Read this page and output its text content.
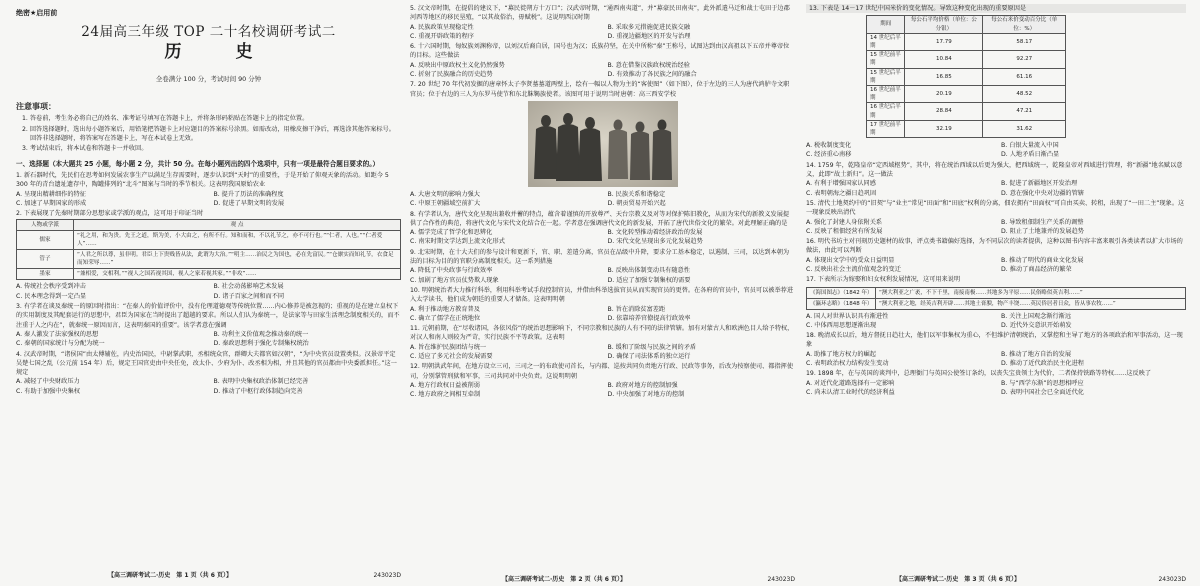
绝密★启用前
24届高三年级 TOP 二十名校调研考试二
历 史
全卷满分 100 分，考试时间 90 分钟
注意事项：

1. 答卷前，考生务必将自己的姓名、准考证号填写在答题卡上，并将条形码粘贴在答题卡上的指定位置。

2. 回答选择题时，选出每小题答案后，用铅笔把答题卡上对应题目的答案标号涂黑。如需改动，用橡皮擦干净后，再选涂其他答案标号。回答非选择题时，将答案写在答题卡上，写在本试卷上无效。

3. 考试结束后，将本试卷和答题卡一并收回。

一、选择题（本大题共 25 小题，每小题 2 分，共计 50 分。在每小题列出的四个选项中，只有一项是最符合题目要求的。）

1. 新石器时代，先民们在思考如何发展农事生产以满足生存需要时，逐步认识到“天时”的重要性，于是开始了仰观天象的活动。如距今 5 300 年的青台遗址遗存中，陶罐排列的“北斗”图案与当时的季节相关。这表明我国原始农业

A. 呈现出精耕细作的特征	B. 提升了历法的准确程度
C. 加速了早期国家的形成	D. 促进了早期文明的发展

2. 下表展现了先秦时期部分思想家或学派的观点，这可用于印证当时

人物或学派	观 点
儒家	“礼之用，和为贵。先王之道，斯为美，小大由之，有所不行。知和而和，不以礼节之，亦不可行也。”“仁者，人也。”“仁者爱人”……
管子	“人君之所以尊，虽非明。君臣上下贵贱皆从法，此谓为大治。”“明主……治民之为国也，必在先富民。”“仓廪实而知礼节，衣食足而知荣辱……”
墨家	“兼相爱，交相利。”“视人之国若视其国，视人之家若视其家。”“非攻”……
A. 传统社会秩序受到冲击	B. 社会动荡影响艺术发展
C. 民本理念得到一定凸显	D. 诸子百家之间和而不同

3. 有学者在谈及秦统一的原因时指出：“在秦人的价值评价中，没有伦理道德观等传统位置……内心修养是被忽视的；重视的是在建立皇权下的实用制度及其配套运行的思想中，君臣为国家在当时提出了超越的要求。所以人们认为秦统一，是法家等与田家生活理念制度相关的，而不注重于人之内在”，就秦统一原因而言，这表明秦国的重要”。该学者意在强调

A. 秦人激发了法家强权的思想	B. 功利主义价值观念推动秦的统一
C. 秦朝的国家统计与分配为统一	D. 秦政思想利于强化专制集权统治

4. 汉武帝时期，“诸侯国”由太傅辅佐，内史治国民，中尉掌武职，丞相统众官，群卿大夫都官如汉朝”，“为中央官员设置类似。汉景帝平定吴楚七国之乱（公元前 154 年）后，规定王国官吏由中央任免，改太仆、少府为仆、改丞相为相，并且其他的官员都由中央委派担任。”这一规定

A. 减轻了中央财政压力	B. 表明中央集权政治体制已经完善
C. 有助于加强中央集权	D. 推动了中枢行政体制趋向完善
【高三调研考试二·历史　第 1 页（共 6 页）】	243023D

5. 汉文帝时期，在提倡的建议下，“募民徙朔方十万口”；汉武帝时期，“通西南夷道”，并“募豪民田南夷”，此外派遣马迁和战士屯田于边郡河西等地区的移民垦殖，“以其故俗治，毋赋税”。这说明西汉时期

A. 民族政策呈现稳定性	B. 采取多元措施促进民族交融
C. 重视开辟政策的程序	D. 重视边疆地区的开发与治理

6. 十六国时期，匈奴族刘渊称帝，以刘汉后裔自居，国号也为汉；氐族苻坚，在关中所称“秦”王称号，试图达到由汉高祖以下五帝并尊帝位的目标。这些做法

A. 反映出中原政权主义化仍然强势	B. 意在借鉴汉族政权统治经验
C. 折射了民族融合的历史趋势	D. 有效推动了各民族之间的融合

7. 20 世纪 70 年代初发掘的唐章怀太子李贤墓墓道两壁上，绘有一幅以人物为主的“客使图”（如下图），位于左边的三人为唐代鸿胪寺文职官员；位于右边的三人为东罗马使节和东北靺鞨族使者。该图可用于说明当时唐朝：高三西安学校

A. 大唐文明的影响力强大	B. 民族关系和谐稳定
C. 中原王朝疆域空前扩大	D. 朝贡贸易开始兴起

8. 有学者认为，唐代文化呈现出兼收并蓄的特点，蕴含着谨慎的开放尊严、天台宗教义及对等对保护陈旧教化，从而为宋代的新教义发展提供了合作性的典范，将唐代文化与宋代文化结合在一起。学者意在强调唐代文化的新发展，开拓了唐代世俗文化的繁荣。对此理解正确的是

A. 儒学完成了哲学化和思辨化	B. 文化转型推动着经济政治的发展
C. 南宋时期文学达到上流文化形式	D. 宋代文化呈现出多元化发展趋势

9. 北宋时期，在十大夫们的参与设计和更新下，官、职、差遣分离，官员在品级中升降，要求分工基本稳定，以遏制、三司，以达到本朝为法的目标为目的的官职分离制度相关。这一系列措施

A. 降低了中央政事与行政效率	B. 反映出体制变动具有随意性
C. 加剧了地方官员仗势欺人现象	D. 适应了加强专制集权的需要

10. 明朝统治者大力推行科举，利用科举考试手段控制官员，并借由科举选拔官员从而实现官员的更替。在各府的官员中，官员可以被举荐进入太学读书，他们成为朝廷的重要人才储备。这表明明朝

A. 利于推动地方教育普及	B. 旨在消除贫富差距
C. 确立了儒学在正统地位	D. 依靠培养官僚提高行政效率

11. 元朝前期，在“尽收诸国，各依风俗”的统治思想影响下，不同宗教和民族的人有不同的法律管辖。加有对蒙古人和欧洲色目人给予特权，对汉人和南人则较为严苛，实行民族不平等政策。这表明

A. 旨在维护民族团结与统一	B. 缓和了阶级与民族之间的矛盾
C. 适应了多元社会的发展需要	D. 确保了司法体系的独立运行

12. 明朝洪武年间，在地方设立三司，三司之一的布政使司首长，与内都、巡按共同负责地方行政、民政等事务，后改为按察使司、都指挥使司，分别掌管刑狱和军事，三司共同对中央负责。这说明明朝

A. 地方行政权日益被削弱	B. 政府对地方的控制加强
C. 地方政府之间相互牵制	D. 中央加强了对地方的控制
【高三调研考试二·历史　第 2 页（共 6 页）】	243023D

13. 下表是 14－17 世纪中国米价的变化情况。导致这种变化出现的重要原因是

期间	每公石平均价格（单位：公分银）	每公石米价变动百分比（单位：%）
14 世纪后半期	17.79	58.17
15 世纪前半期	10.84	92.27
15 世纪后半期	16.85	61.16
16 世纪前半期	20.19	48.52
16 世纪后半期	28.84	47.21
17 世纪前半期	32.19	31.62
A. 税收制度变化	B. 白银大量流入中国
C. 经济重心南移	D. 人地矛盾日渐凸显

14. 1759 年，乾隆皇帝“定西域枢势”，其中，将在统治西域以后更为强大，把西域统一，乾隆皇帝对西域进行管理，将“新疆”地名赋以意义，此即“故土新归”。这一做法

A. 有利于增强国家认同感	B. 促进了新疆地区开发治理
C. 表明朝海之疆日趋巩固	D. 意在强化中央对边疆的管辖

15. 清代土地契约中的“旧契”与“业主”常见“田面”和“田底”权利的分离，佃农拥有“田面权”可自由买卖、转租，出现了“一田二主”现象。这一现象反映出清代

A. 强化了封建人身依附关系	B. 导致租佃制生产关系的调整
C. 反映了租佃经营有所发展	D. 阻止了土地兼并的发展趋势

16. 明代书坊主对刊刻历史题材的故事，评点类书籍偏好选择，为不同层次的读者提供，这种以图书内容丰富来吸引各类读者以扩大市场的做法，由此可以判断

A. 体现出文学中的受众日益明显	B. 推动了明代的商业文化发展
C. 反映出社会主流价值观念的变迁	D. 推动了商品经济的繁荣

17. 下表所示为嫁娶和妇女权利发展情况，这可用来说明

《海国图志》（1842 年）	“澳大利亚之广袤，不下千里，南接南极……其地多为平原……民俗略似英吉利……”
《瀛环志略》（1848 年）	“澳大利亚之地，经英吉利开辟……其地土膏腴，物产丰饶……英民侨居者日众，皆从事农牧……”
A. 国人对世界认识具有渐进性	B. 关注上国观念渐行渐远
C. 中体西用思想逐渐出现	D. 近代外交意识开始萌发

18. 晚清成长以后，地方督抚日趋壮大，他们以军事集权为重心，不但维护清朝统治，又掌控和主导了地方的各项政治和军事活动，这一现象

A. 助推了地方权力的崛起	B. 推动了地方自治的发展
C. 表明政治权力结构发生变动	D. 推动了近代政治民主化进程

19. 1898 年，在与英国的谈判中，总理衙门与英国公使签订条约，以丧失宝贵领土为代价，二者保持铁路等特权……这反映了

A. 对近代化道路选择有一定影响	B. 与“西学东渐”的思想相呼应
C. 尚未认清工业时代的经济利益	D. 表明中国社会已全面近代化
【高三调研考试二·历史　第 3 页（共 6 页）】	243023D
